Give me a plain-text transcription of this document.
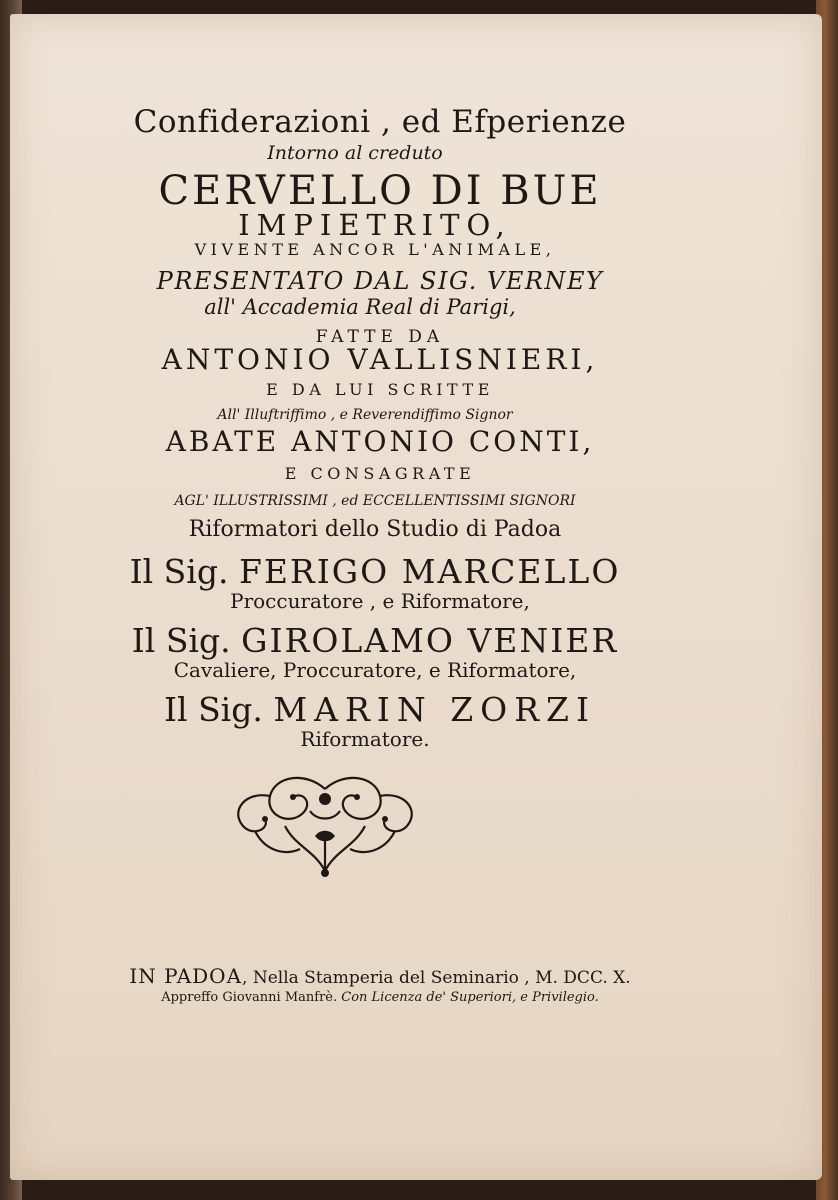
Confiderazioni , ed Efperienze
Intorno al creduto
CERVELLO DI BUE
IMPIETRITO,
VIVENTE ANCOR L'ANIMALE,
PRESENTATO DAL SIG. VERNEY
all' Accademia Real di Parigi,
FATTE DA
ANTONIO VALLISNIERI,
E DA LUI SCRITTE
All' Illuftriffimo , e Reverendiffimo Signor
ABATE ANTONIO CONTI,
E CONSAGRATE
AGL' ILLUSTRISSIMI , ed ECCELLENTISSIMI SIGNORI
Riformatori dello Studio di Padoa
Il Sig. FERIGO MARCELLO
Proccuratore , e Riformatore,
Il Sig. GIROLAMO VENIER
Cavaliere, Proccuratore, e Riformatore,
Il Sig. MARIN ZORZI
Riformatore.
IN PADOA, Nella Stamperia del Seminario , M. DCC. X.
Appreffo Giovanni Manfrè. Con Licenza de' Superiori, e Privilegio.
